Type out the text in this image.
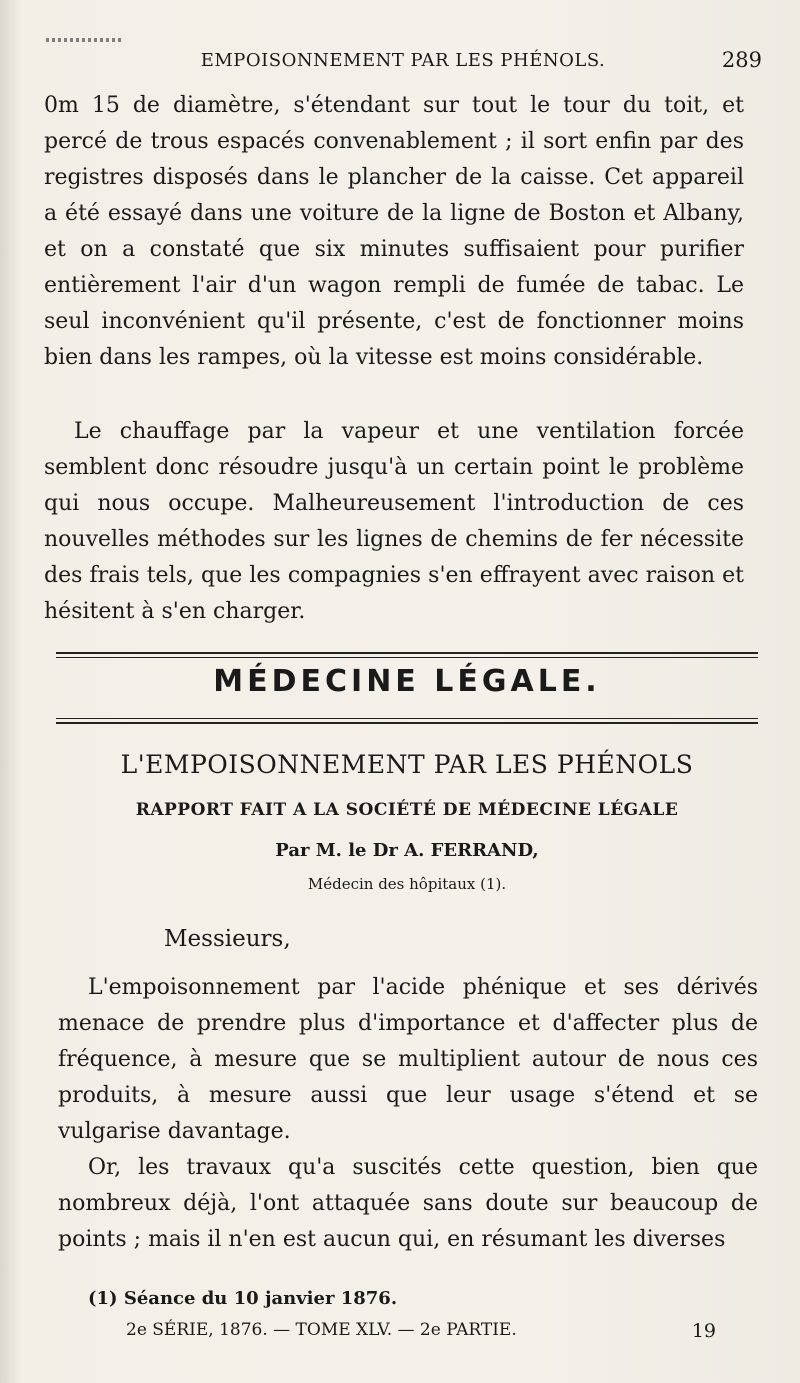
EMPOISONNEMENT PAR LES PHÉNOLS.	289

0m 15 de diamètre, s'étendant sur tout le tour du toit, et percé de trous espacés convenablement ; il sort enfin par des registres disposés dans le plancher de la caisse. Cet appareil a été essayé dans une voiture de la ligne de Boston et Albany, et on a constaté que six minutes suffisaient pour purifier entièrement l'air d'un wagon rempli de fumée de tabac. Le seul inconvénient qu'il présente, c'est de fonctionner moins bien dans les rampes, où la vitesse est moins considérable.

Le chauffage par la vapeur et une ventilation forcée semblent donc résoudre jusqu'à un certain point le problème qui nous occupe. Malheureusement l'introduction de ces nouvelles méthodes sur les lignes de chemins de fer nécessite des frais tels, que les compagnies s'en effrayent avec raison et hésitent à s'en charger.

MÉDECINE LÉGALE.
L'EMPOISONNEMENT PAR LES PHÉNOLS
RAPPORT FAIT A LA SOCIÉTÉ DE MÉDECINE LÉGALE
Par M. le Dr A. FERRAND,
Médecin des hôpitaux (1).
Messieurs,

L'empoisonnement par l'acide phénique et ses dérivés menace de prendre plus d'importance et d'affecter plus de fréquence, à mesure que se multiplient autour de nous ces produits, à mesure aussi que leur usage s'étend et se vulgarise davantage.

Or, les travaux qu'a suscités cette question, bien que nombreux déjà, l'ont attaquée sans doute sur beaucoup de points ; mais il n'en est aucun qui, en résumant les diverses

(1) Séance du 10 janvier 1876.
2e SÉRIE, 1876. — TOME XLV. — 2e PARTIE.	19
